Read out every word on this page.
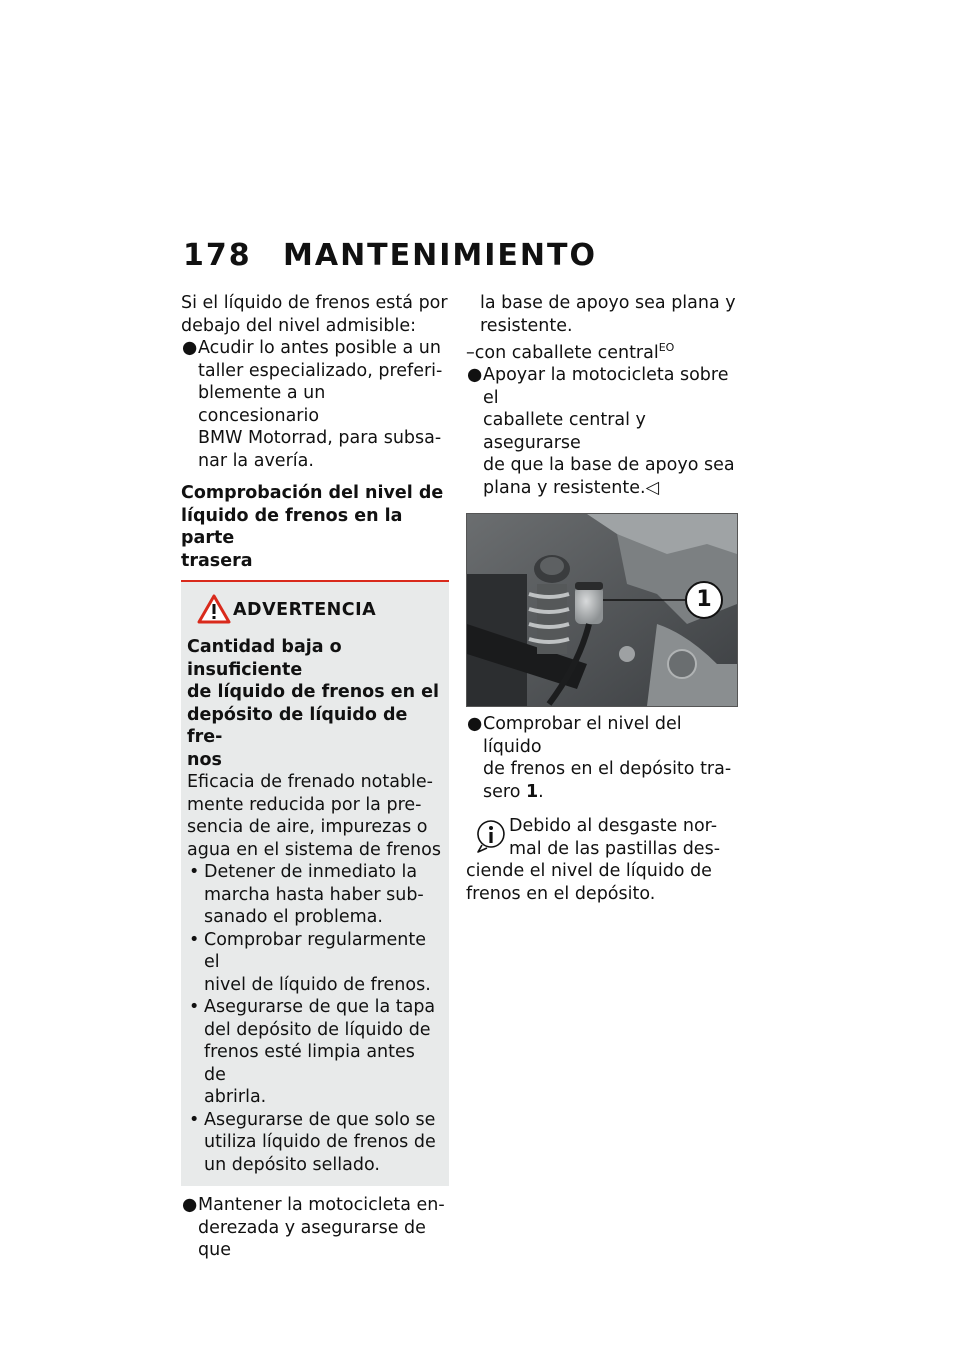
178 MANTENIMIENTO

Si el líquido de frenos está por

debajo del nivel admisible:

● Acudir lo antes posible a un
taller especializado, preferi-
blemente a un concesionario
BMW Motorrad, para subsa-
nar la avería.
Comprobación del nivel de
líquido de frenos en la parte
trasera
ADVERTENCIA
Cantidad baja o insuficiente
de líquido de frenos en el
depósito de líquido de fre-
nos
Eficacia de frenado notable-
mente reducida por la pre-
sencia de aire, impurezas o
agua en el sistema de frenos
• Detener de inmediato la
marcha hasta haber sub-
sanado el problema.
• Comprobar regularmente el
nivel de líquido de frenos.
• Asegurarse de que la tapa
del depósito de líquido de
frenos esté limpia antes de
abrirla.
• Asegurarse de que solo se
utiliza líquido de frenos de
un depósito sellado.
● Mantener la motocicleta en-
derezada y asegurarse de que
la base de apoyo sea plana y
resistente.
–con caballete central$^{EO}$
● Apoyar la motocicleta sobre el
caballete central y asegurarse
de que la base de apoyo sea
plana y resistente.◁
1
● Comprobar el nivel del líquido
de frenos en el depósito tra-
sero 1.
Debido al desgaste nor-
mal de las pastillas des-
ciende el nivel de líquido de
frenos en el depósito.
